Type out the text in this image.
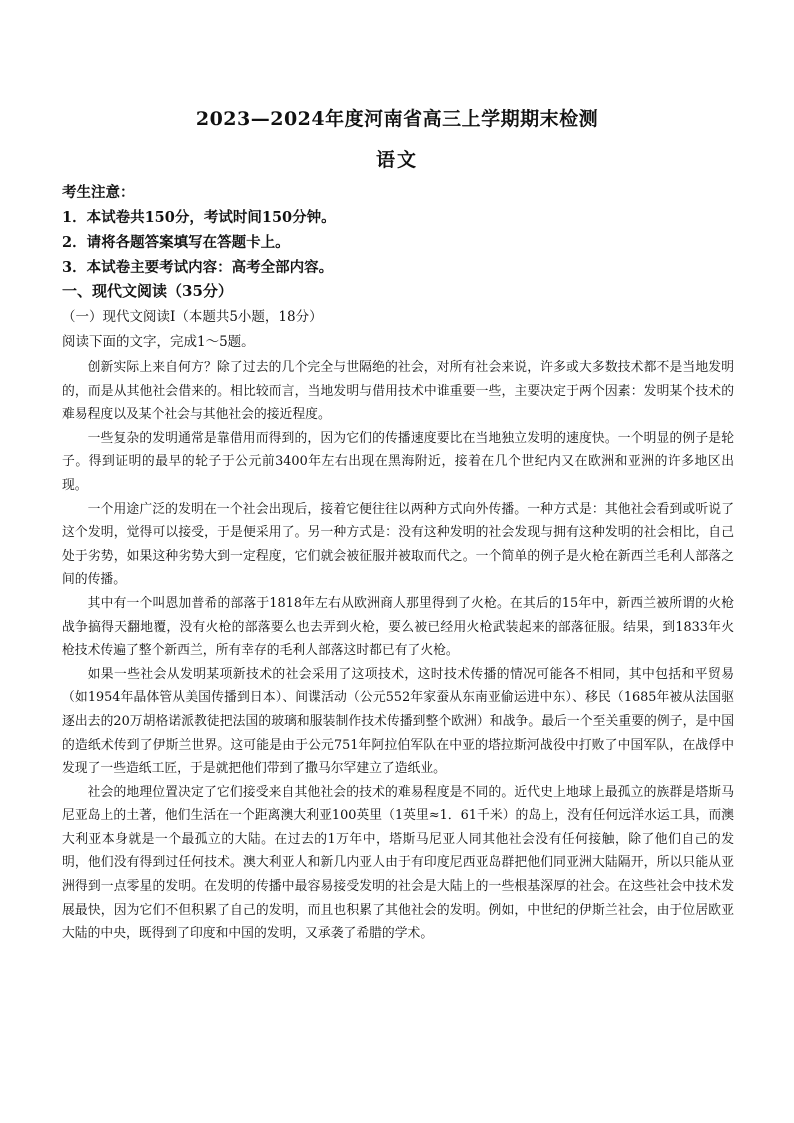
2023—2024年度河南省高三上学期期末检测
语文
考生注意：
1．本试卷共150分，考试时间150分钟。
2．请将各题答案填写在答题卡上。
3．本试卷主要考试内容：高考全部内容。
一、现代文阅读（35分）
（一）现代文阅读Ⅰ（本题共5小题，18分）
阅读下面的文字，完成1～5题。

创新实际上来自何方？除了过去的几个完全与世隔绝的社会，对所有社会来说，许多或大多数技术都不是当地发明的，而是从其他社会借来的。相比较而言，当地发明与借用技术中谁重要一些，主要决定于两个因素：发明某个技术的难易程度以及某个社会与其他社会的接近程度。

一些复杂的发明通常是靠借用而得到的，因为它们的传播速度要比在当地独立发明的速度快。一个明显的例子是轮子。得到证明的最早的轮子于公元前3400年左右出现在黑海附近，接着在几个世纪内又在欧洲和亚洲的许多地区出现。

一个用途广泛的发明在一个社会出现后，接着它便往往以两种方式向外传播。一种方式是：其他社会看到或听说了这个发明，觉得可以接受，于是便采用了。另一种方式是：没有这种发明的社会发现与拥有这种发明的社会相比，自己处于劣势，如果这种劣势大到一定程度，它们就会被征服并被取而代之。一个简单的例子是火枪在新西兰毛利人部落之间的传播。

其中有一个叫恩加普希的部落于1818年左右从欧洲商人那里得到了火枪。在其后的15年中，新西兰被所谓的火枪战争搞得天翻地覆，没有火枪的部落要么也去弄到火枪，要么被已经用火枪武装起来的部落征服。结果，到1833年火枪技术传遍了整个新西兰，所有幸存的毛利人部落这时都已有了火枪。

如果一些社会从发明某项新技术的社会采用了这项技术，这时技术传播的情况可能各不相同，其中包括和平贸易（如1954年晶体管从美国传播到日本）、间谍活动（公元552年家蚕从东南亚偷运进中东）、移民（1685年被从法国驱逐出去的20万胡格诺派教徒把法国的玻璃和服装制作技术传播到整个欧洲）和战争。最后一个至关重要的例子，是中国的造纸术传到了伊斯兰世界。这可能是由于公元751年阿拉伯军队在中亚的塔拉斯河战役中打败了中国军队，在战俘中发现了一些造纸工匠，于是就把他们带到了撒马尔罕建立了造纸业。

社会的地理位置决定了它们接受来自其他社会的技术的难易程度是不同的。近代史上地球上最孤立的族群是塔斯马尼亚岛上的土著，他们生活在一个距离澳大利亚100英里（1英里≈1．61千米）的岛上，没有任何远洋水运工具，而澳大利亚本身就是一个最孤立的大陆。在过去的1万年中，塔斯马尼亚人同其他社会没有任何接触，除了他们自己的发明，他们没有得到过任何技术。澳大利亚人和新几内亚人由于有印度尼西亚岛群把他们同亚洲大陆隔开，所以只能从亚洲得到一点零星的发明。在发明的传播中最容易接受发明的社会是大陆上的一些根基深厚的社会。在这些社会中技术发展最快，因为它们不但积累了自己的发明，而且也积累了其他社会的发明。例如，中世纪的伊斯兰社会，由于位居欧亚大陆的中央，既得到了印度和中国的发明，又承袭了希腊的学术。
